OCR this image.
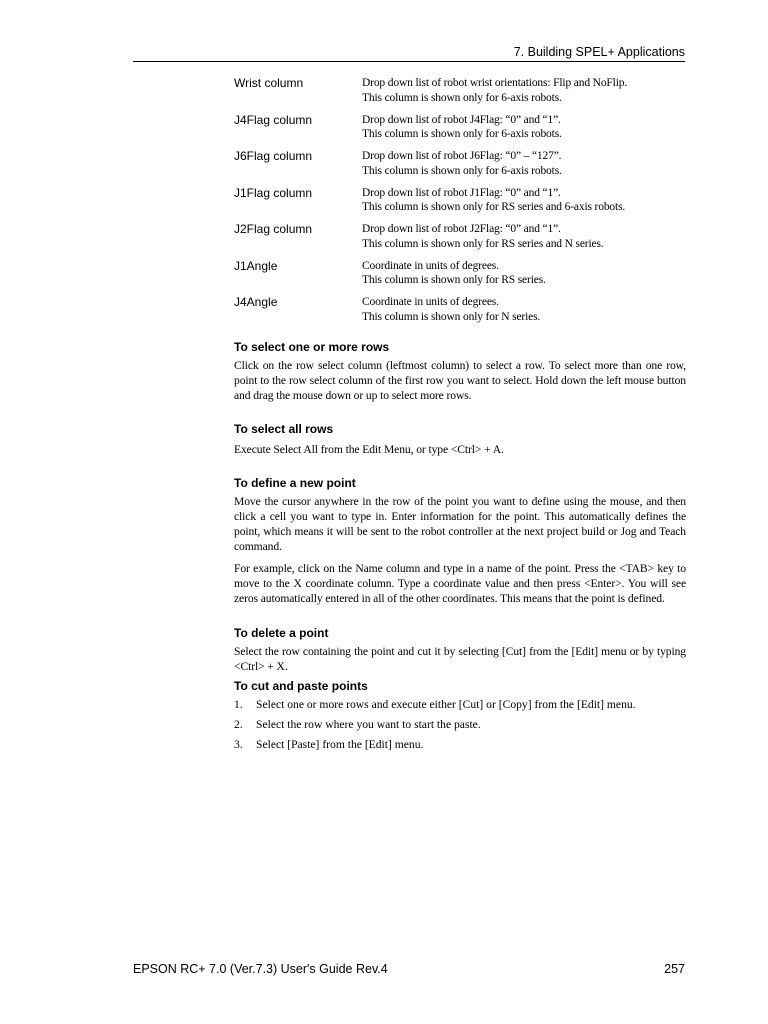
7. Building SPEL+ Applications
Wrist column	Drop down list of robot wrist orientations: Flip and NoFlip.
This column is shown only for 6-axis robots.
J4Flag column	Drop down list of robot J4Flag: “0” and “1”.
This column is shown only for 6-axis robots.
J6Flag column	Drop down list of robot J6Flag: “0” – “127”.
This column is shown only for 6-axis robots.
J1Flag column	Drop down list of robot J1Flag: “0” and “1”.
This column is shown only for RS series and 6-axis robots.
J2Flag column	Drop down list of robot J2Flag: “0” and “1”.
This column is shown only for RS series and N series.
J1Angle	Coordinate in units of degrees.
This column is shown only for RS series.
J4Angle	Coordinate in units of degrees.
This column is shown only for N series.
To select one or more rows

Click on the row select column (leftmost column) to select a row. To select more than one row, point to the row select column of the first row you want to select. Hold down the left mouse button and drag the mouse down or up to select more rows.

To select all rows

Execute Select All from the Edit Menu, or type <Ctrl> + A.

To define a new point

Move the cursor anywhere in the row of the point you want to define using the mouse, and then click a cell you want to type in. Enter information for the point. This automatically defines the point, which means it will be sent to the robot controller at the next project build or Jog and Teach command.

For example, click on the Name column and type in a name of the point. Press the <TAB> key to move to the X coordinate column. Type a coordinate value and then press <Enter>. You will see zeros automatically entered in all of the other coordinates. This means that the point is defined.

To delete a point

Select the row containing the point and cut it by selecting [Cut] from the [Edit] menu or by typing <Ctrl> + X.

To cut and paste points
1.	Select one or more rows and execute either [Cut] or [Copy] from the [Edit] menu.
2.	Select the row where you want to start the paste.
3.	Select [Paste] from the [Edit] menu.
EPSON RC+ 7.0 (Ver.7.3) User's Guide Rev.4	257
